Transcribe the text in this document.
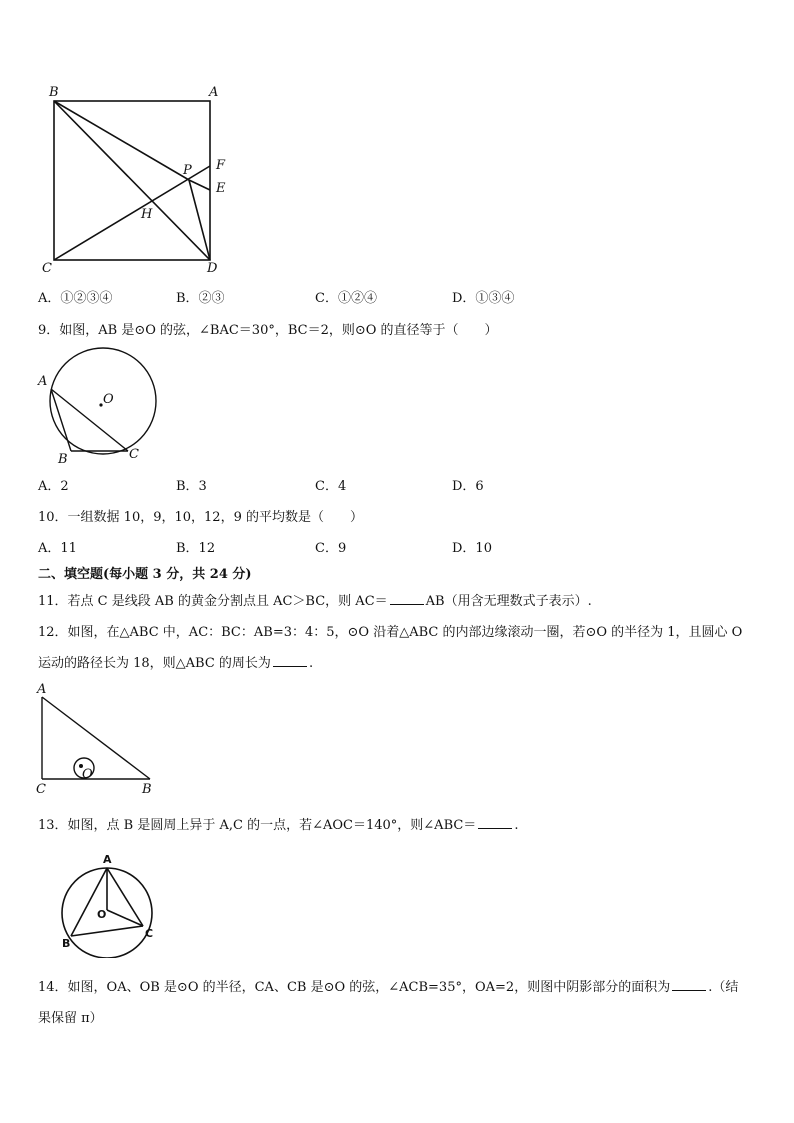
B	A
F
P
E
H
C	D
A．①②③④	B．②③	C．①②④	D．①③④
9．如图，AB 是⊙O 的弦，∠BAC＝30°，BC＝2，则⊙O 的直径等于（　　）
A
O
B	C
A．2	B．3	C．4	D．6
10．一组数据 10，9，10，12，9 的平均数是（　　）
A．11	B．12	C．9	D．10
二、填空题(每小题 3 分，共 24 分)
11．若点 C 是线段 AB 的黄金分割点且 AC＞BC，则 AC＝	AB（用含无理数式子表示）.
12．如图，在△ABC 中，AC：BC：AB=3：4：5，⊙O 沿着△ABC 的内部边缘滚动一圈，若⊙O 的半径为 1，且圆心 O
运动的路径长为 18，则△ABC 的周长为	.
A
O
C	B
13．如图，点 B 是圆周上异于 A,C 的一点，若∠AOC＝140°，则∠ABC＝	.
A
O
B
C
14．如图，OA、OB 是⊙O 的半径，CA、CB 是⊙O 的弦，∠ACB=35°，OA=2，则图中阴影部分的面积为	.（结
果保留 π）
